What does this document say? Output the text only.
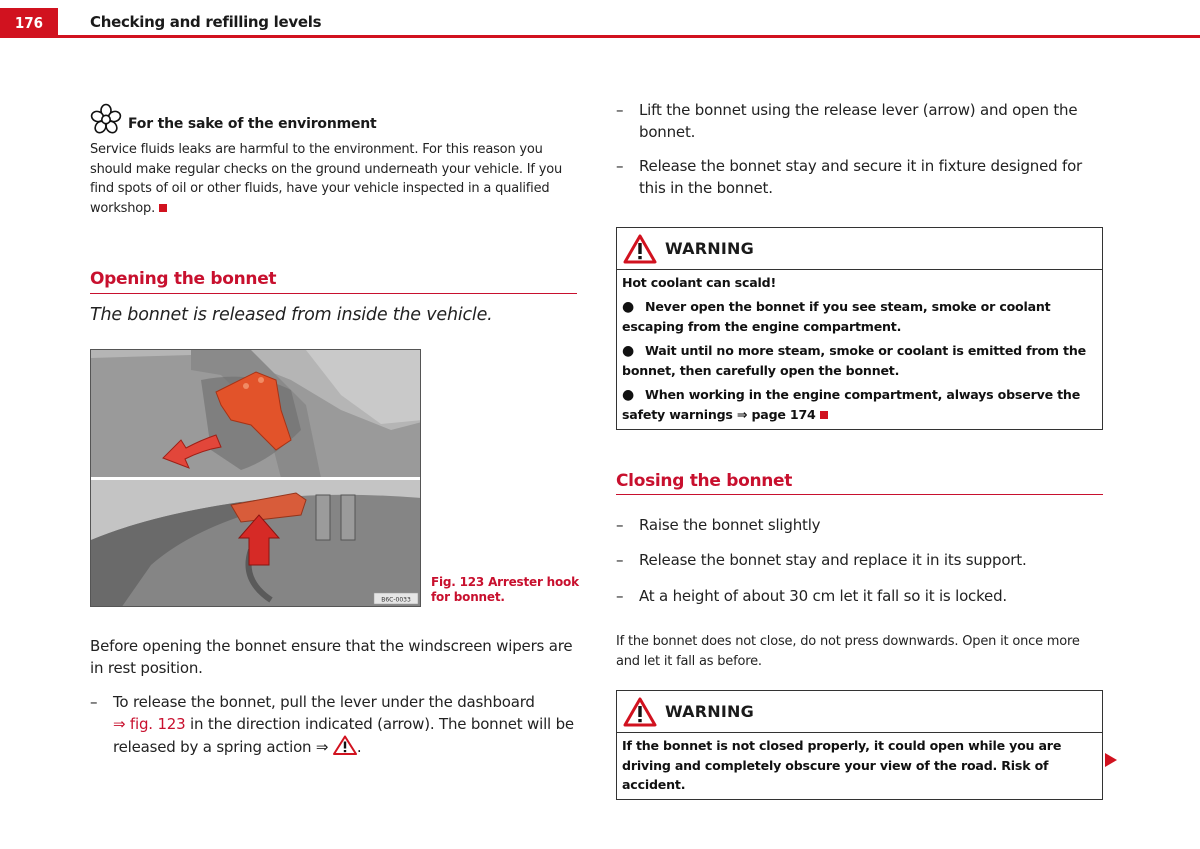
176	Checking and refilling levels
For the sake of the environment
Service fluids leaks are harmful to the environment. For this reason you should make regular checks on the ground underneath your vehicle. If you find spots of oil or other fluids, have your vehicle inspected in a qualified workshop.
Opening the bonnet
The bonnet is released from inside the vehicle.
B6C-0033
Fig. 123 Arrester hook
for bonnet.
Before opening the bonnet ensure that the windscreen wipers are in rest position.
–	To release the bonnet, pull the lever under the dashboard
⇒ fig. 123 in the direction indicated (arrow). The bonnet will be released by a spring action ⇒ .
–	Lift the bonnet using the release lever (arrow) and open the bonnet.
–	Release the bonnet stay and secure it in fixture designed for this in the bonnet.
WARNING

Hot coolant can scald!

● Never open the bonnet if you see steam, smoke or coolant escaping from the engine compartment.

● Wait until no more steam, smoke or coolant is emitted from the bonnet, then carefully open the bonnet.

● When working in the engine compartment, always observe the safety warnings ⇒ page 174

Closing the bonnet
–	Raise the bonnet slightly
–	Release the bonnet stay and replace it in its support.
–	At a height of about 30 cm let it fall so it is locked.
If the bonnet does not close, do not press downwards. Open it once more and let it fall as before.
WARNING

If the bonnet is not closed properly, it could open while you are driving and completely obscure your view of the road. Risk of accident.
